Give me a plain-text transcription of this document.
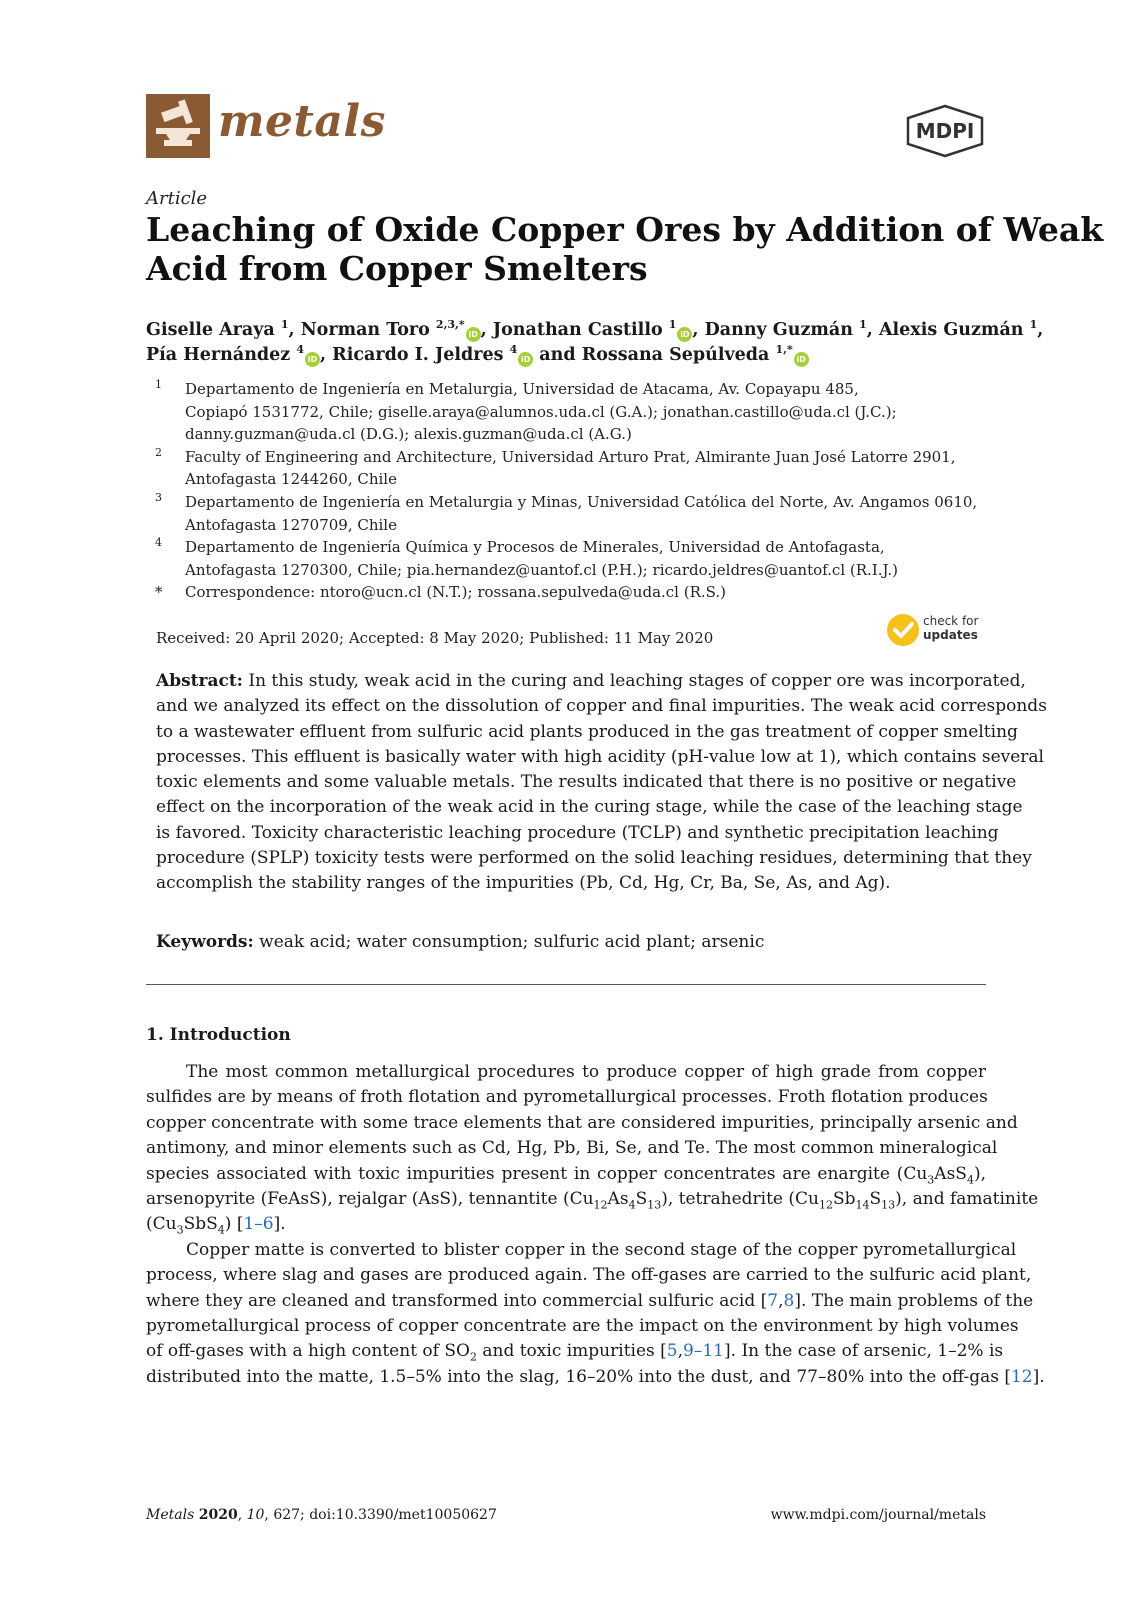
metals	MDPI
Article
Leaching of Oxide Copper Ores by Addition of Weak
Acid from Copper Smelters
Giselle Araya $^1$, Norman Toro $^{2,3,*}$iD , Jonathan Castillo $^1$iD , Danny Guzmán $^1$, Alexis Guzmán $^1$,
Pía Hernández $^4$iD , Ricardo I. Jeldres $^4$iD and Rossana Sepúlveda $^{1,*}$iD
1 Departamento de Ingeniería en Metalurgia, Universidad de Atacama, Av. Copayapu 485,
Copiapó 1531772, Chile; giselle.araya@alumnos.uda.cl (G.A.); jonathan.castillo@uda.cl (J.C.);
danny.guzman@uda.cl (D.G.); alexis.guzman@uda.cl (A.G.)
2 Faculty of Engineering and Architecture, Universidad Arturo Prat, Almirante Juan José Latorre 2901,
Antofagasta 1244260, Chile
3 Departamento de Ingeniería en Metalurgia y Minas, Universidad Católica del Norte, Av. Angamos 0610,
Antofagasta 1270709, Chile
4 Departamento de Ingeniería Química y Procesos de Minerales, Universidad de Antofagasta,
Antofagasta 1270300, Chile; pia.hernandez@uantof.cl (P.H.); ricardo.jeldres@uantof.cl (R.I.J.)
* Correspondence: ntoro@ucn.cl (N.T.); rossana.sepulveda@uda.cl (R.S.)
Received: 20 April 2020; Accepted: 8 May 2020; Published: 11 May 2020
check for
updates
Abstract: In this study, weak acid in the curing and leaching stages of copper ore was incorporated,
and we analyzed its effect on the dissolution of copper and final impurities. The weak acid corresponds
to a wastewater effluent from sulfuric acid plants produced in the gas treatment of copper smelting
processes. This effluent is basically water with high acidity (pH-value low at 1), which contains several
toxic elements and some valuable metals. The results indicated that there is no positive or negative
effect on the incorporation of the weak acid in the curing stage, while the case of the leaching stage
is favored. Toxicity characteristic leaching procedure (TCLP) and synthetic precipitation leaching
procedure (SPLP) toxicity tests were performed on the solid leaching residues, determining that they
accomplish the stability ranges of the impurities (Pb, Cd, Hg, Cr, Ba, Se, As, and Ag).
Keywords: weak acid; water consumption; sulfuric acid plant; arsenic
1. Introduction
The most common metallurgical procedures to produce copper of high grade from copper
sulfides are by means of froth flotation and pyrometallurgical processes. Froth flotation produces
copper concentrate with some trace elements that are considered impurities, principally arsenic and
antimony, and minor elements such as Cd, Hg, Pb, Bi, Se, and Te. The most common mineralogical
species associated with toxic impurities present in copper concentrates are enargite $(Cu_3AsS_4)$,
arsenopyrite (FeAsS), rejalgar (AsS), tennantite $(Cu_{12}As_4S_{13})$, tetrahedrite $(Cu_{12}Sb_{14}S_{13})$, and famatinite
$(Cu_3SbS_4)$ [1–6].
Copper matte is converted to blister copper in the second stage of the copper pyrometallurgical
process, where slag and gases are produced again. The off-gases are carried to the sulfuric acid plant,
where they are cleaned and transformed into commercial sulfuric acid [7,8]. The main problems of the
pyrometallurgical process of copper concentrate are the impact on the environment by high volumes
of off-gases with a high content of $SO_2$ and toxic impurities [5,9–11]. In the case of arsenic, 1–2% is
distributed into the matte, 1.5–5% into the slag, 16–20% into the dust, and 77–80% into the off-gas [12].
Metals 2020, 10, 627; doi:10.3390/met10050627	www.mdpi.com/journal/metals
